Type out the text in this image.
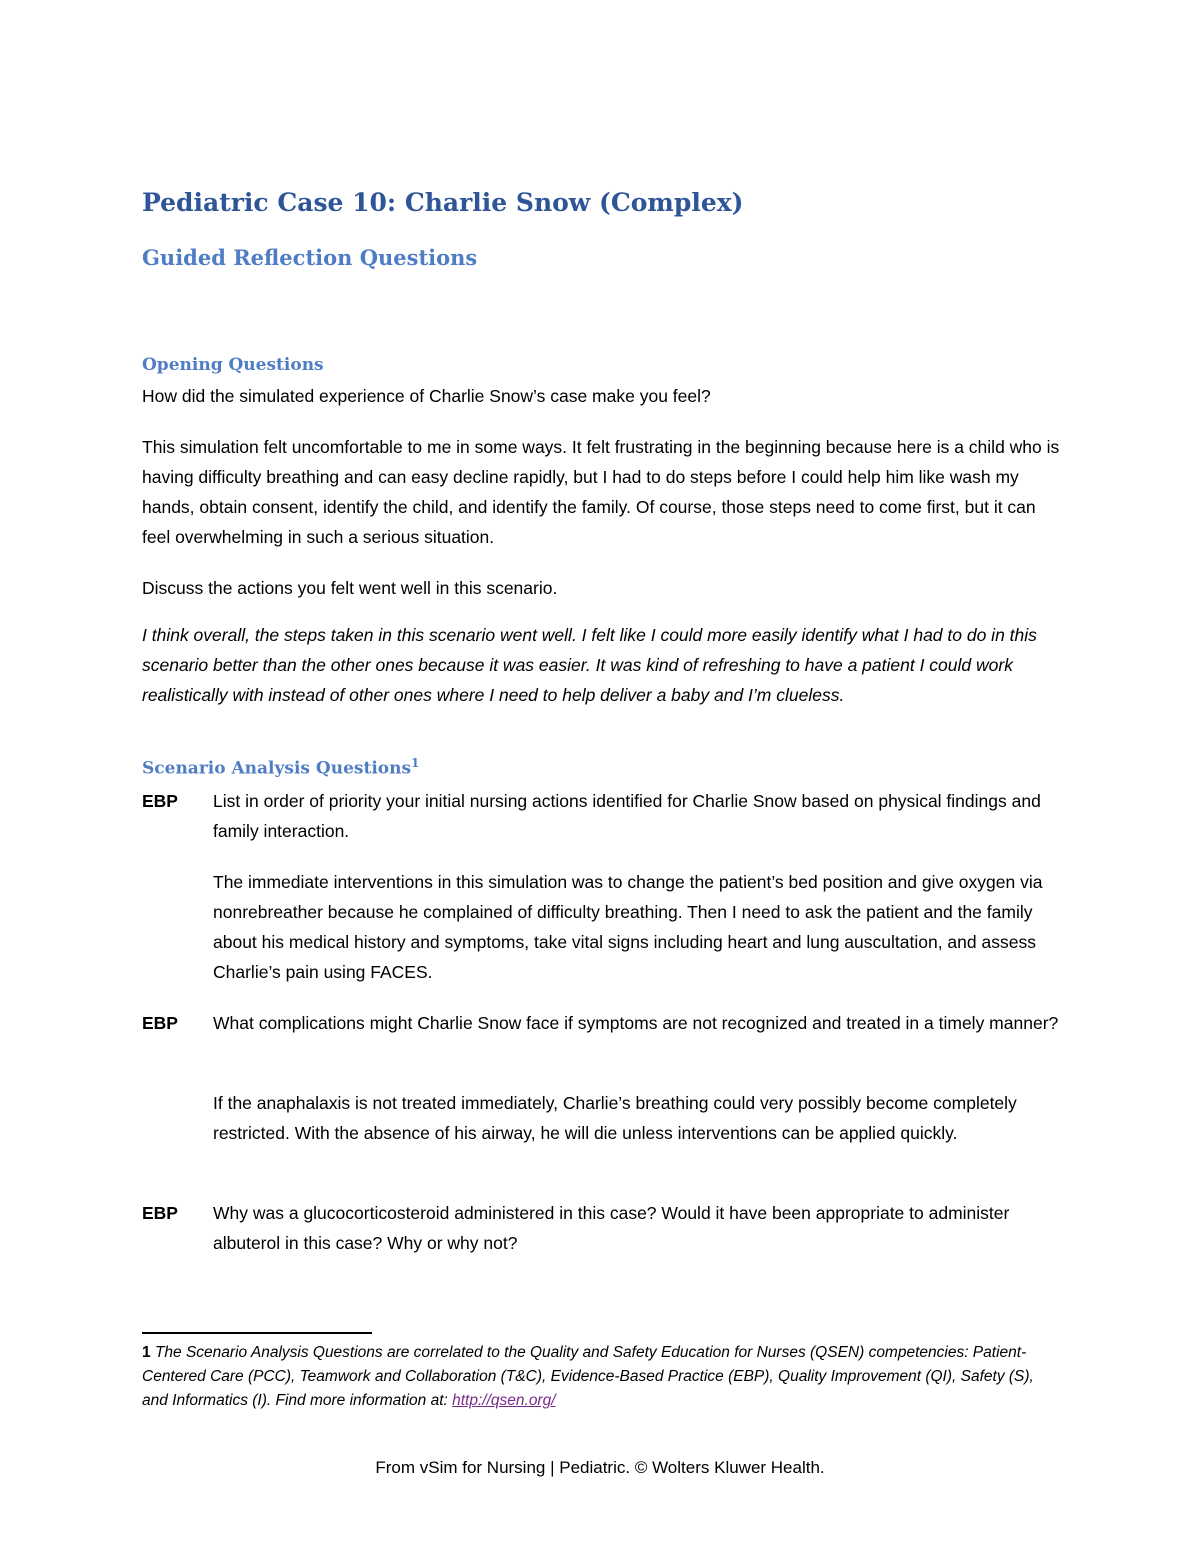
Pediatric Case 10: Charlie Snow (Complex)
Guided Reflection Questions
Opening Questions

How did the simulated experience of Charlie Snow’s case make you feel?

This simulation felt uncomfortable to me in some ways. It felt frustrating in the beginning because here is a child who is having difficulty breathing and can easy decline rapidly, but I had to do steps before I could help him like wash my hands, obtain consent, identify the child, and identify the family. Of course, those steps need to come first, but it can feel overwhelming in such a serious situation.

Discuss the actions you felt went well in this scenario.

I think overall, the steps taken in this scenario went well. I felt like I could more easily identify what I had to do in this scenario better than the other ones because it was easier. It was kind of refreshing to have a patient I could work realistically with instead of other ones where I need to help deliver a baby and I’m clueless.

Scenario Analysis Questions$^1$
EBP List in order of priority your initial nursing actions identified for Charlie Snow based on physical findings and family interaction.

The immediate interventions in this simulation was to change the patient’s bed position and give oxygen via nonrebreather because he complained of difficulty breathing. Then I need to ask the patient and the family about his medical history and symptoms, take vital signs including heart and lung auscultation, and assess Charlie’s pain using FACES.

EBP What complications might Charlie Snow face if symptoms are not recognized and treated in a timely manner?

If the anaphalaxis is not treated immediately, Charlie’s breathing could very possibly become completely restricted. With the absence of his airway, he will die unless interventions can be applied quickly.

EBP Why was a glucocorticosteroid administered in this case? Would it have been appropriate to administer albuterol in this case? Why or why not?

1 The Scenario Analysis Questions are correlated to the Quality and Safety Education for Nurses (QSEN) competencies: Patient-Centered Care (PCC), Teamwork and Collaboration (T&C), Evidence-Based Practice (EBP), Quality Improvement (QI), Safety (S), and Informatics (I). Find more information at: http://qsen.org/

From vSim for Nursing | Pediatric. © Wolters Kluwer Health.
